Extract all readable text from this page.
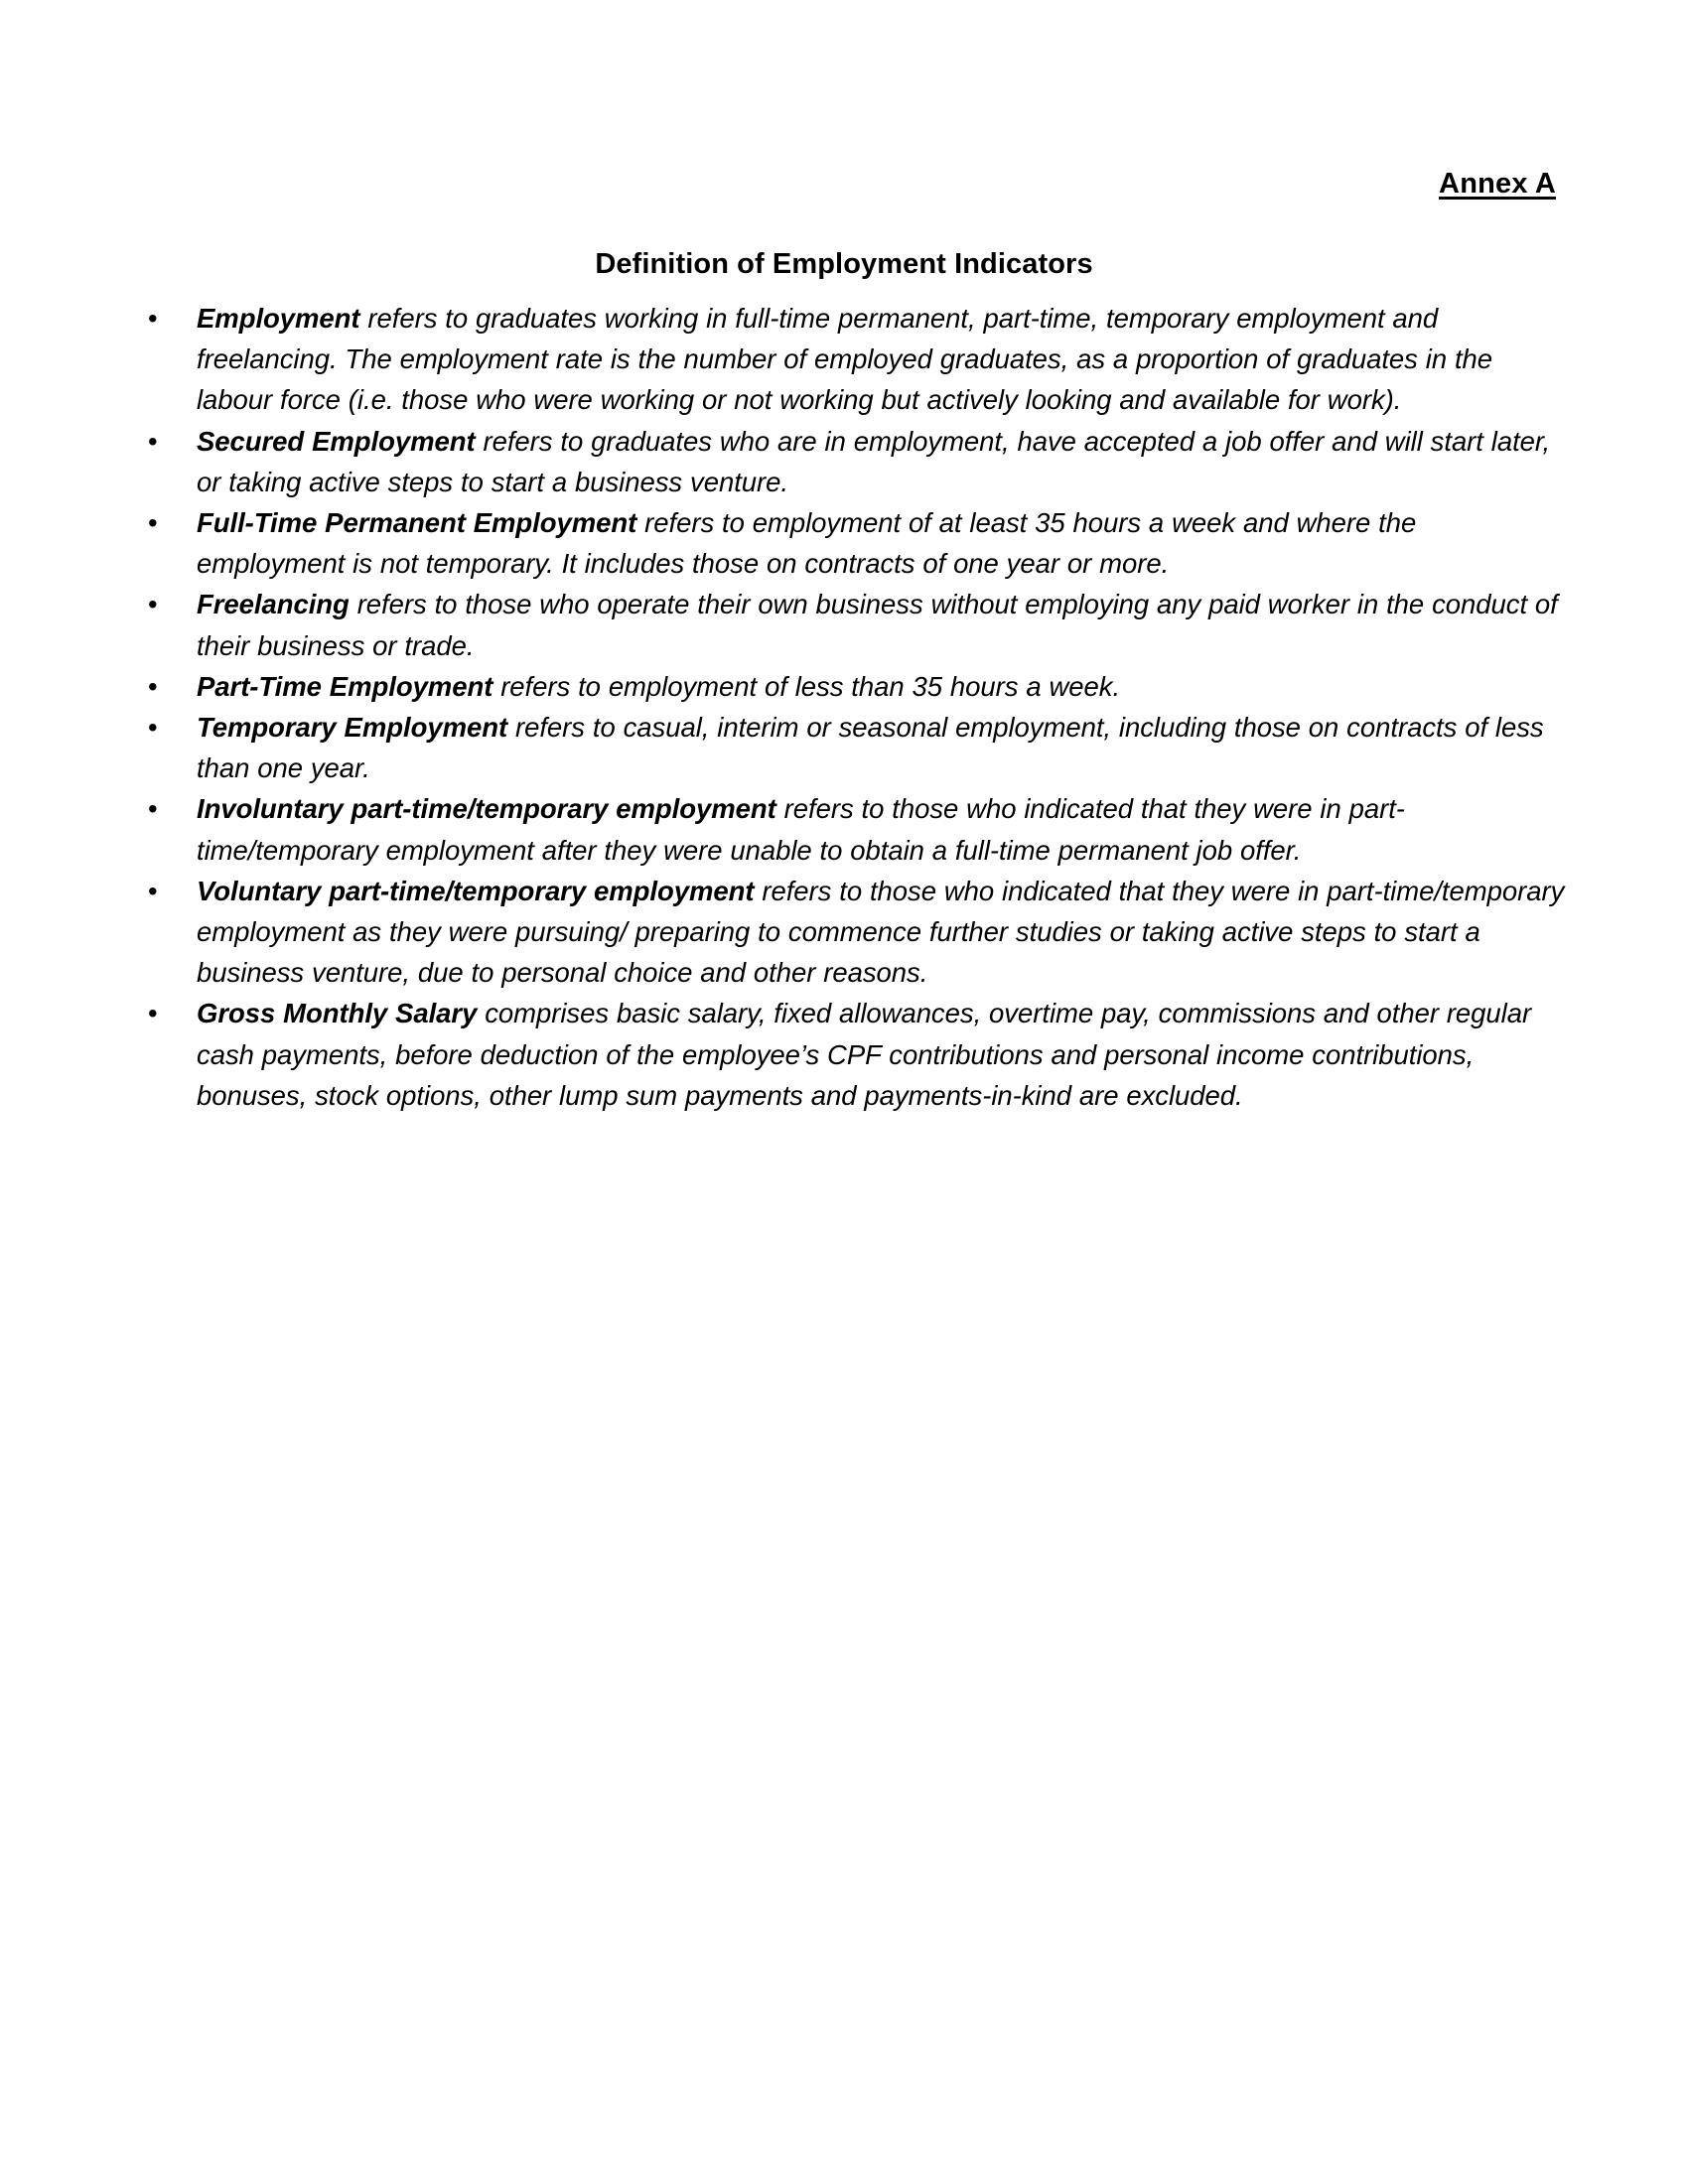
Annex A
Definition of Employment Indicators
•	Employment refers to graduates working in full-time permanent, part-time, temporary employment and freelancing. The employment rate is the number of employed graduates, as a proportion of graduates in the labour force (i.e. those who were working or not working but actively looking and available for work).
•	Secured Employment refers to graduates who are in employment, have accepted a job offer and will start later, or taking active steps to start a business venture.
•	Full-Time Permanent Employment refers to employment of at least 35 hours a week and where the employment is not temporary. It includes those on contracts of one year or more.
•	Freelancing refers to those who operate their own business without employing any paid worker in the conduct of their business or trade.
•	Part-Time Employment refers to employment of less than 35 hours a week.
•	Temporary Employment refers to casual, interim or seasonal employment, including those on contracts of less than one year.
•	Involuntary part-time/temporary employment refers to those who indicated that they were in part-time/temporary employment after they were unable to obtain a full-time permanent job offer.
•	Voluntary part-time/temporary employment refers to those who indicated that they were in part-time/temporary employment as they were pursuing/ preparing to commence further studies or taking active steps to start a business venture, due to personal choice and other reasons.
•	Gross Monthly Salary comprises basic salary, fixed allowances, overtime pay, commissions and other regular cash payments, before deduction of the employee’s CPF contributions and personal income contributions, bonuses, stock options, other lump sum payments and payments-in-kind are excluded.
